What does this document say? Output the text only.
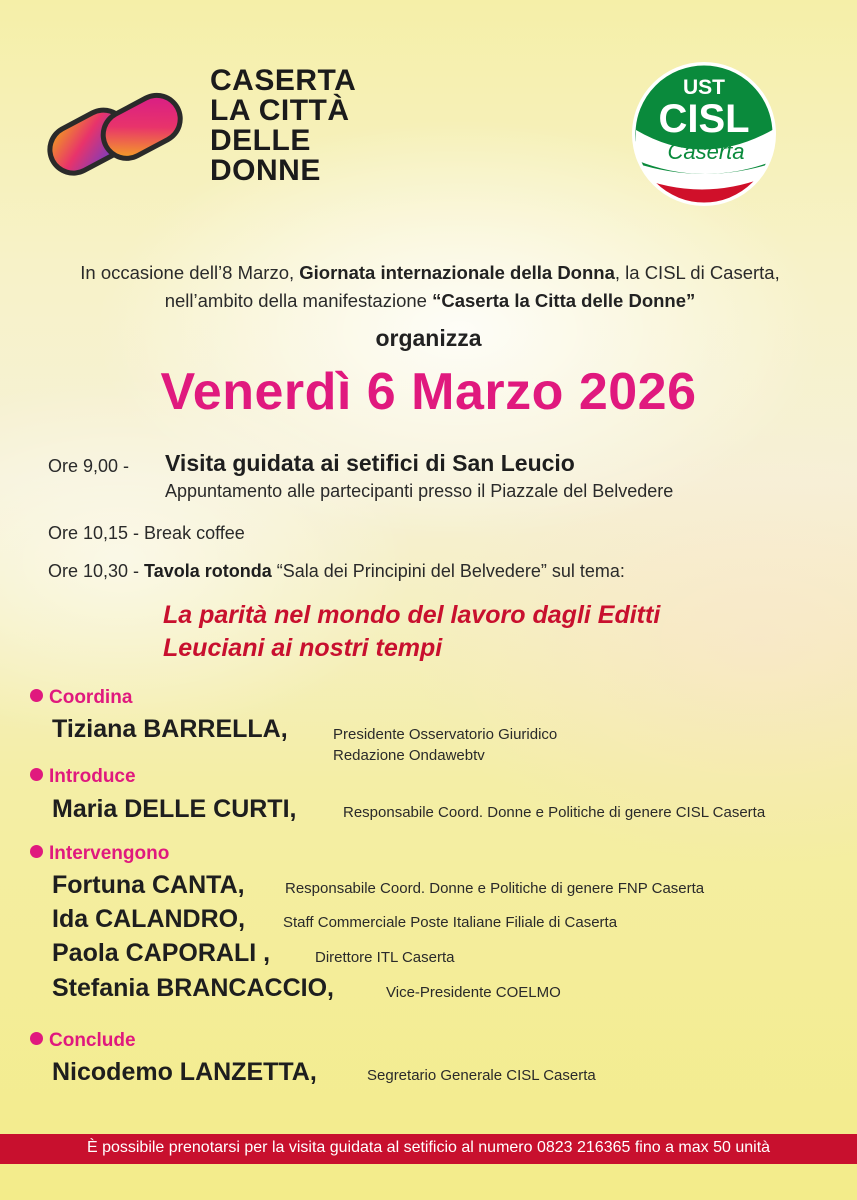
CASERTA
LA CITTÀ
DELLE
DONNE
UST
CISL
Caserta
In occasione dell’8 Marzo, Giornata internazionale della Donna, la CISL di Caserta, nell’ambito della manifestazione “Caserta la Citta delle Donne”
organizza
Venerdì 6 Marzo 2026
Ore 9,00 - Visita guidata ai setifici di San Leucio
Appuntamento alle partecipanti presso il Piazzale del Belvedere
Ore 10,15 - Break coffee
Ore 10,30 - Tavola rotonda “Sala dei Principini del Belvedere” sul tema:
La parità nel mondo del lavoro dagli Editti
Leuciani ai nostri tempi
Coordina
Tiziana BARRELLA,	Presidente Osservatorio Giuridico
Redazione Ondawebtv
Introduce
Maria DELLE CURTI,	Responsabile Coord. Donne e Politiche di genere CISL Caserta
Intervengono
Fortuna CANTA,	Responsabile Coord. Donne e Politiche di genere FNP Caserta
Ida CALANDRO,	Staff Commerciale Poste Italiane Filiale di Caserta
Paola CAPORALI ,	Direttore ITL Caserta
Stefania BRANCACCIO,	Vice-Presidente COELMO
Conclude
Nicodemo LANZETTA,	Segretario Generale CISL Caserta
È possibile prenotarsi per la visita guidata al setificio al numero 0823 216365 fino a max 50 unità
